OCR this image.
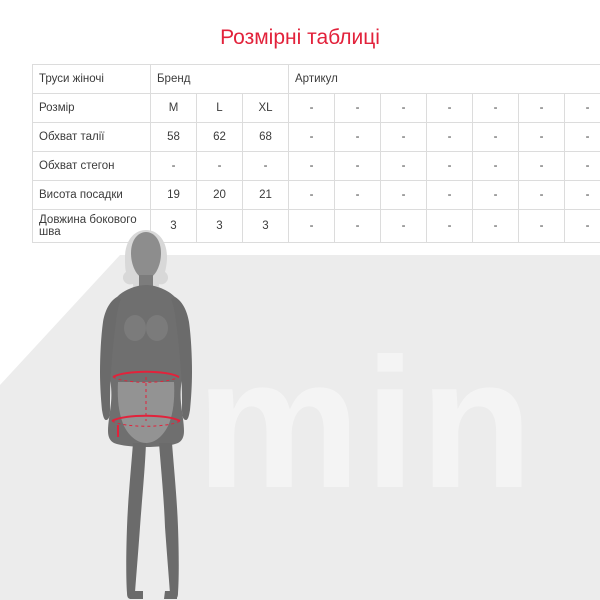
Розмірні таблиці
Труси жіночі	Бренд			Артикул						
Розмір	M	L	XL	-	-	-	-	-	-	-
Обхват талії	58	62	68	-	-	-	-	-	-	-
Обхват стегон	-	-	-	-	-	-	-	-	-	-
Висота посадки	19	20	21	-	-	-	-	-	-	-
Довжина бокового шва	3	3	3	-	-	-	-	-	-	-
min
